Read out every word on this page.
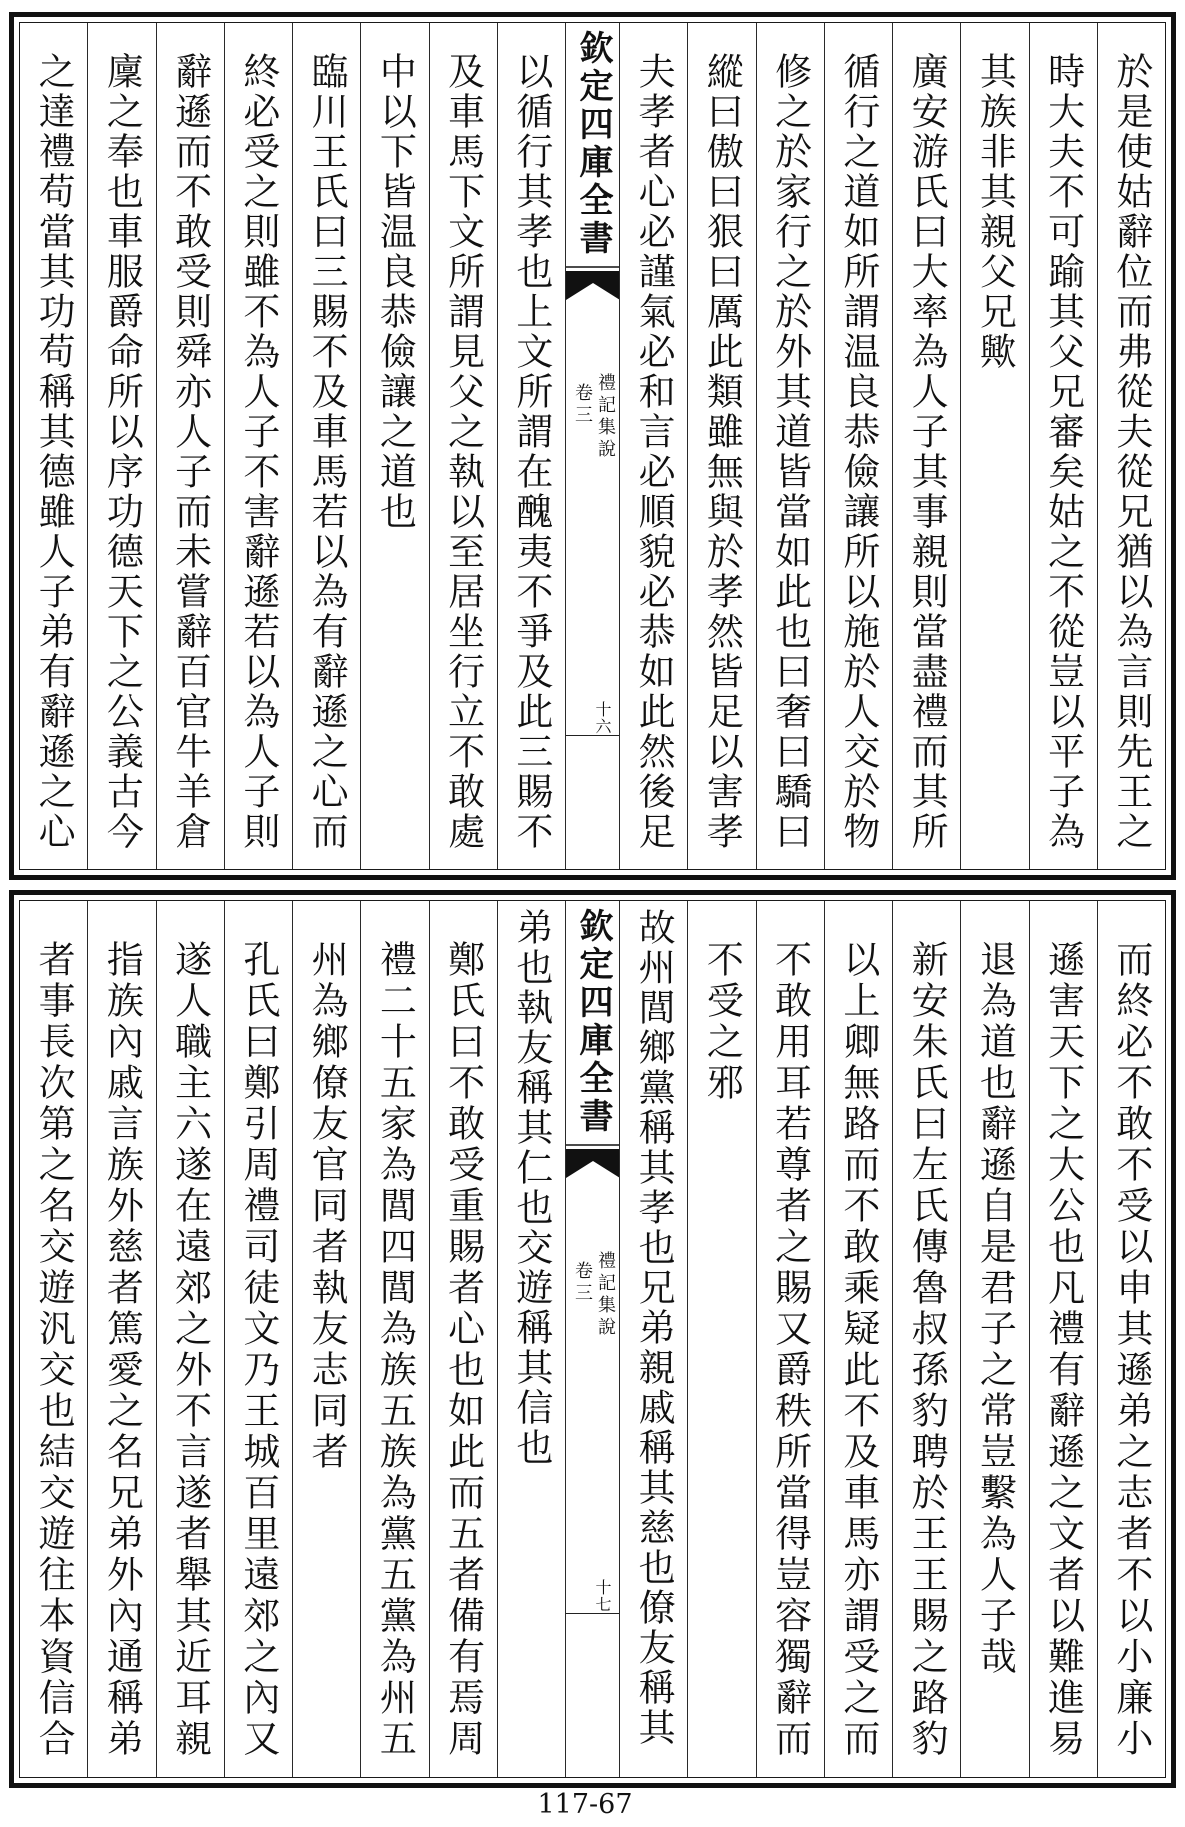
於是使姑辭位而弗從夫從兄猶以為言則先王之
時大夫不可踰其父兄審矣姑之不從豈以平子為
其族非其親父兄歟
廣安游氏曰大率為人子其事親則當盡禮而其所
循行之道如所謂温良恭儉讓所以施於人交於物
修之於家行之於外其道皆當如此也曰奢曰驕曰
縱曰傲曰狠曰厲此類雖無與於孝然皆足以害孝
夫孝者心必謹氣必和言必順貌必恭如此然後足
欽定四庫全書
禮記集說
卷三
十六
以循行其孝也上文所謂在醜夷不爭及此三賜不
及車馬下文所謂見父之執以至居坐行立不敢處
中以下皆温良恭儉讓之道也
臨川王氏曰三賜不及車馬若以為有辭遜之心而
終必受之則雖不為人子不害辭遜若以為人子則
辭遜而不敢受則舜亦人子而未嘗辭百官牛羊倉
廩之奉也車服爵命所以序功德天下之公義古今
之達禮苟當其功苟稱其德雖人子弟有辭遜之心
而終必不敢不受以申其遜弟之志者不以小廉小
遜害天下之大公也凡禮有辭遜之文者以難進易
退為道也辭遜自是君子之常豈繫為人子哉
新安朱氏曰左氏傳魯叔孫豹聘於王王賜之路豹
以上卿無路而不敢乘疑此不及車馬亦謂受之而
不敢用耳若尊者之賜又爵秩所當得豈容獨辭而
不受之邪
故州閭鄉黨稱其孝也兄弟親戚稱其慈也僚友稱其
欽定四庫全書
禮記集說
卷三
十七
弟也執友稱其仁也交遊稱其信也
鄭氏曰不敢受重賜者心也如此而五者備有焉周
禮二十五家為閭四閭為族五族為黨五黨為州五
州為鄉僚友官同者執友志同者
孔氏曰鄭引周禮司徒文乃王城百里遠郊之內又
遂人職主六遂在遠郊之外不言遂者舉其近耳親
指族內戚言族外慈者篤愛之名兄弟外內通稱弟
者事長次第之名交遊汎交也結交遊往本資信合
117-67
